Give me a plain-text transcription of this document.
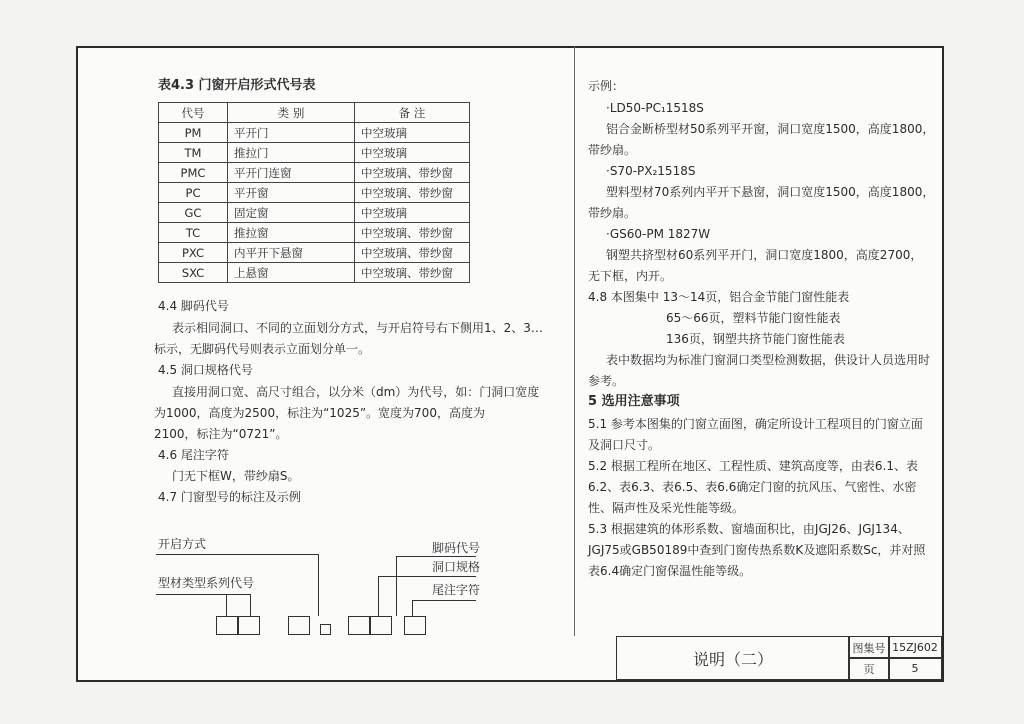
表4.3 门窗开启形式代号表
代号	类 别	备 注
PM	平开门	中空玻璃
TM	推拉门	中空玻璃
PMC	平开门连窗	中空玻璃、带纱窗
PC	平开窗	中空玻璃、带纱窗
GC	固定窗	中空玻璃
TC	推拉窗	中空玻璃、带纱窗
PXC	内平开下悬窗	中空玻璃、带纱窗
SXC	上悬窗	中空玻璃、带纱窗
4.4 脚码代号
表示相同洞口、不同的立面划分方式，与开启符号右下侧用1、2、3…
标示，无脚码代号则表示立面划分单一。
4.5 洞口规格代号
直接用洞口宽、高尺寸组合，以分米（dm）为代号，如：门洞口宽度
为1000，高度为2500，标注为“1025”。宽度为700，高度为
2100，标注为“0721”。
4.6 尾注字符
门无下框W，带纱扇S。
4.7 门窗型号的标注及示例
开启方式
型材类型系列代号
脚码代号
洞口规格
尾注字符
示例：
·LD50-PC₁1518S
铝合金断桥型材50系列平开窗，洞口宽度1500，高度1800，
带纱扇。
·S70-PX₂1518S
塑料型材70系列内平开下悬窗，洞口宽度1500，高度1800，
带纱扇。
·GS60-PM 1827W
钢塑共挤型材60系列平开门，洞口宽度1800，高度2700，
无下框，内开。
4.8 本图集中 13～14页，铝合金节能门窗性能表
65～66页，塑料节能门窗性能表
136页，钢塑共挤节能门窗性能表
表中数据均为标准门窗洞口类型检测数据，供设计人员选用时
参考。
5 选用注意事项
5.1 参考本图集的门窗立面图，确定所设计工程项目的门窗立面
及洞口尺寸。
5.2 根据工程所在地区、工程性质、建筑高度等，由表6.1、表
6.2、表6.3、表6.5、表6.6确定门窗的抗风压、气密性、水密
性、隔声性及采光性能等级。
5.3 根据建筑的体形系数、窗墙面积比，由JGJ26、JGJ134、
JGJ75或GB50189中查到门窗传热系数K及遮阳系数Sc，并对照
表6.4确定门窗保温性能等级。
说明（二）
图集号 15ZJ602
页	5
